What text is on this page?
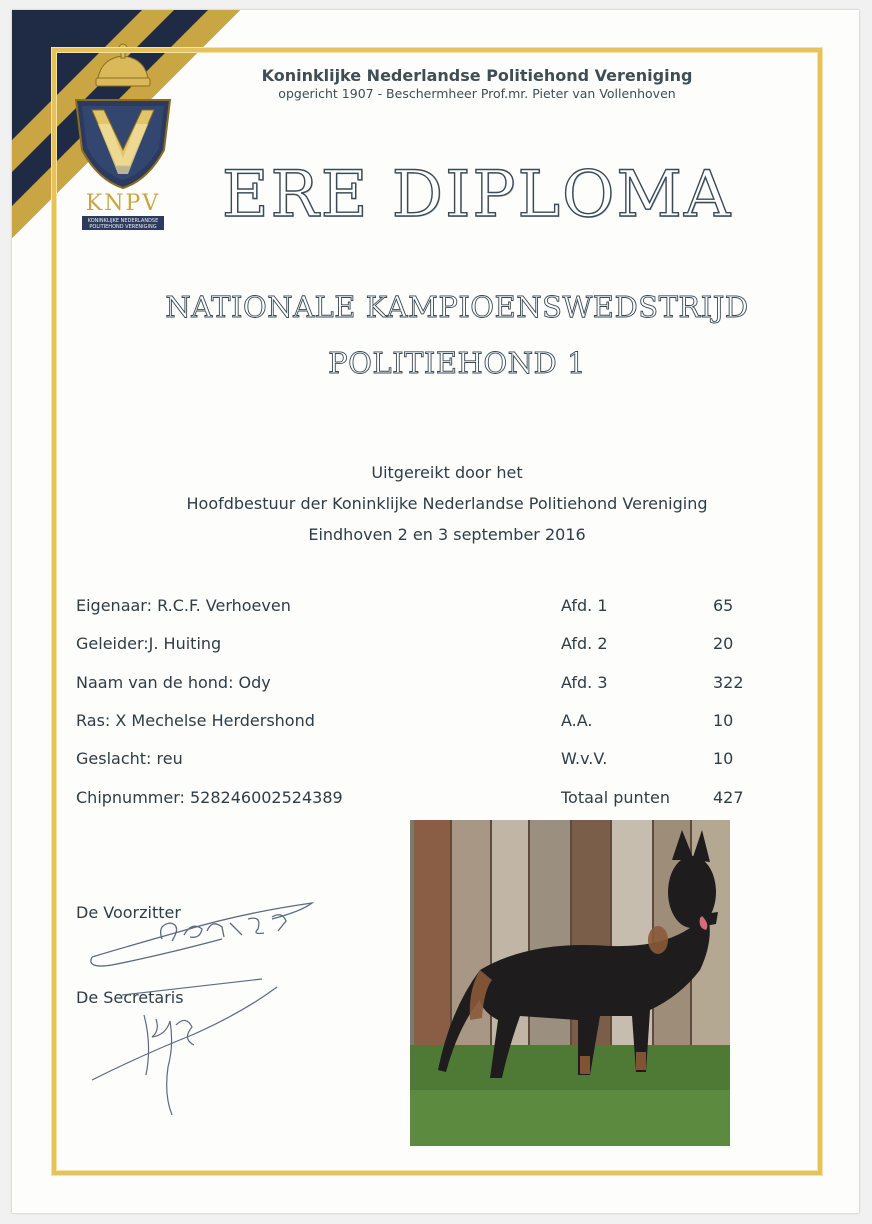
KNPV
KONINKLIJKE NEDERLANDSE
POLITIEHOND VERENIGING
Koninklijke Nederlandse Politiehond Vereniging
opgericht 1907 - Beschermheer Prof.mr. Pieter van Vollenhoven
ERE DIPLOMA
NATIONALE KAMPIOENSWEDSTRIJD
POLITIEHOND 1
Uitgereikt door het
Hoofdbestuur der Koninklijke Nederlandse Politiehond Vereniging
Eindhoven 2 en 3 september 2016
Eigenaar: R.C.F. Verhoeven	Afd. 1	65
Geleider:J. Huiting	Afd. 2	20
Naam van de hond: Ody	Afd. 3	322
Ras: X Mechelse Herdershond	A.A.	10
Geslacht: reu	W.v.V.	10
Chipnummer: 528246002524389	Totaal punten	427
De Voorzitter
De Secretaris
